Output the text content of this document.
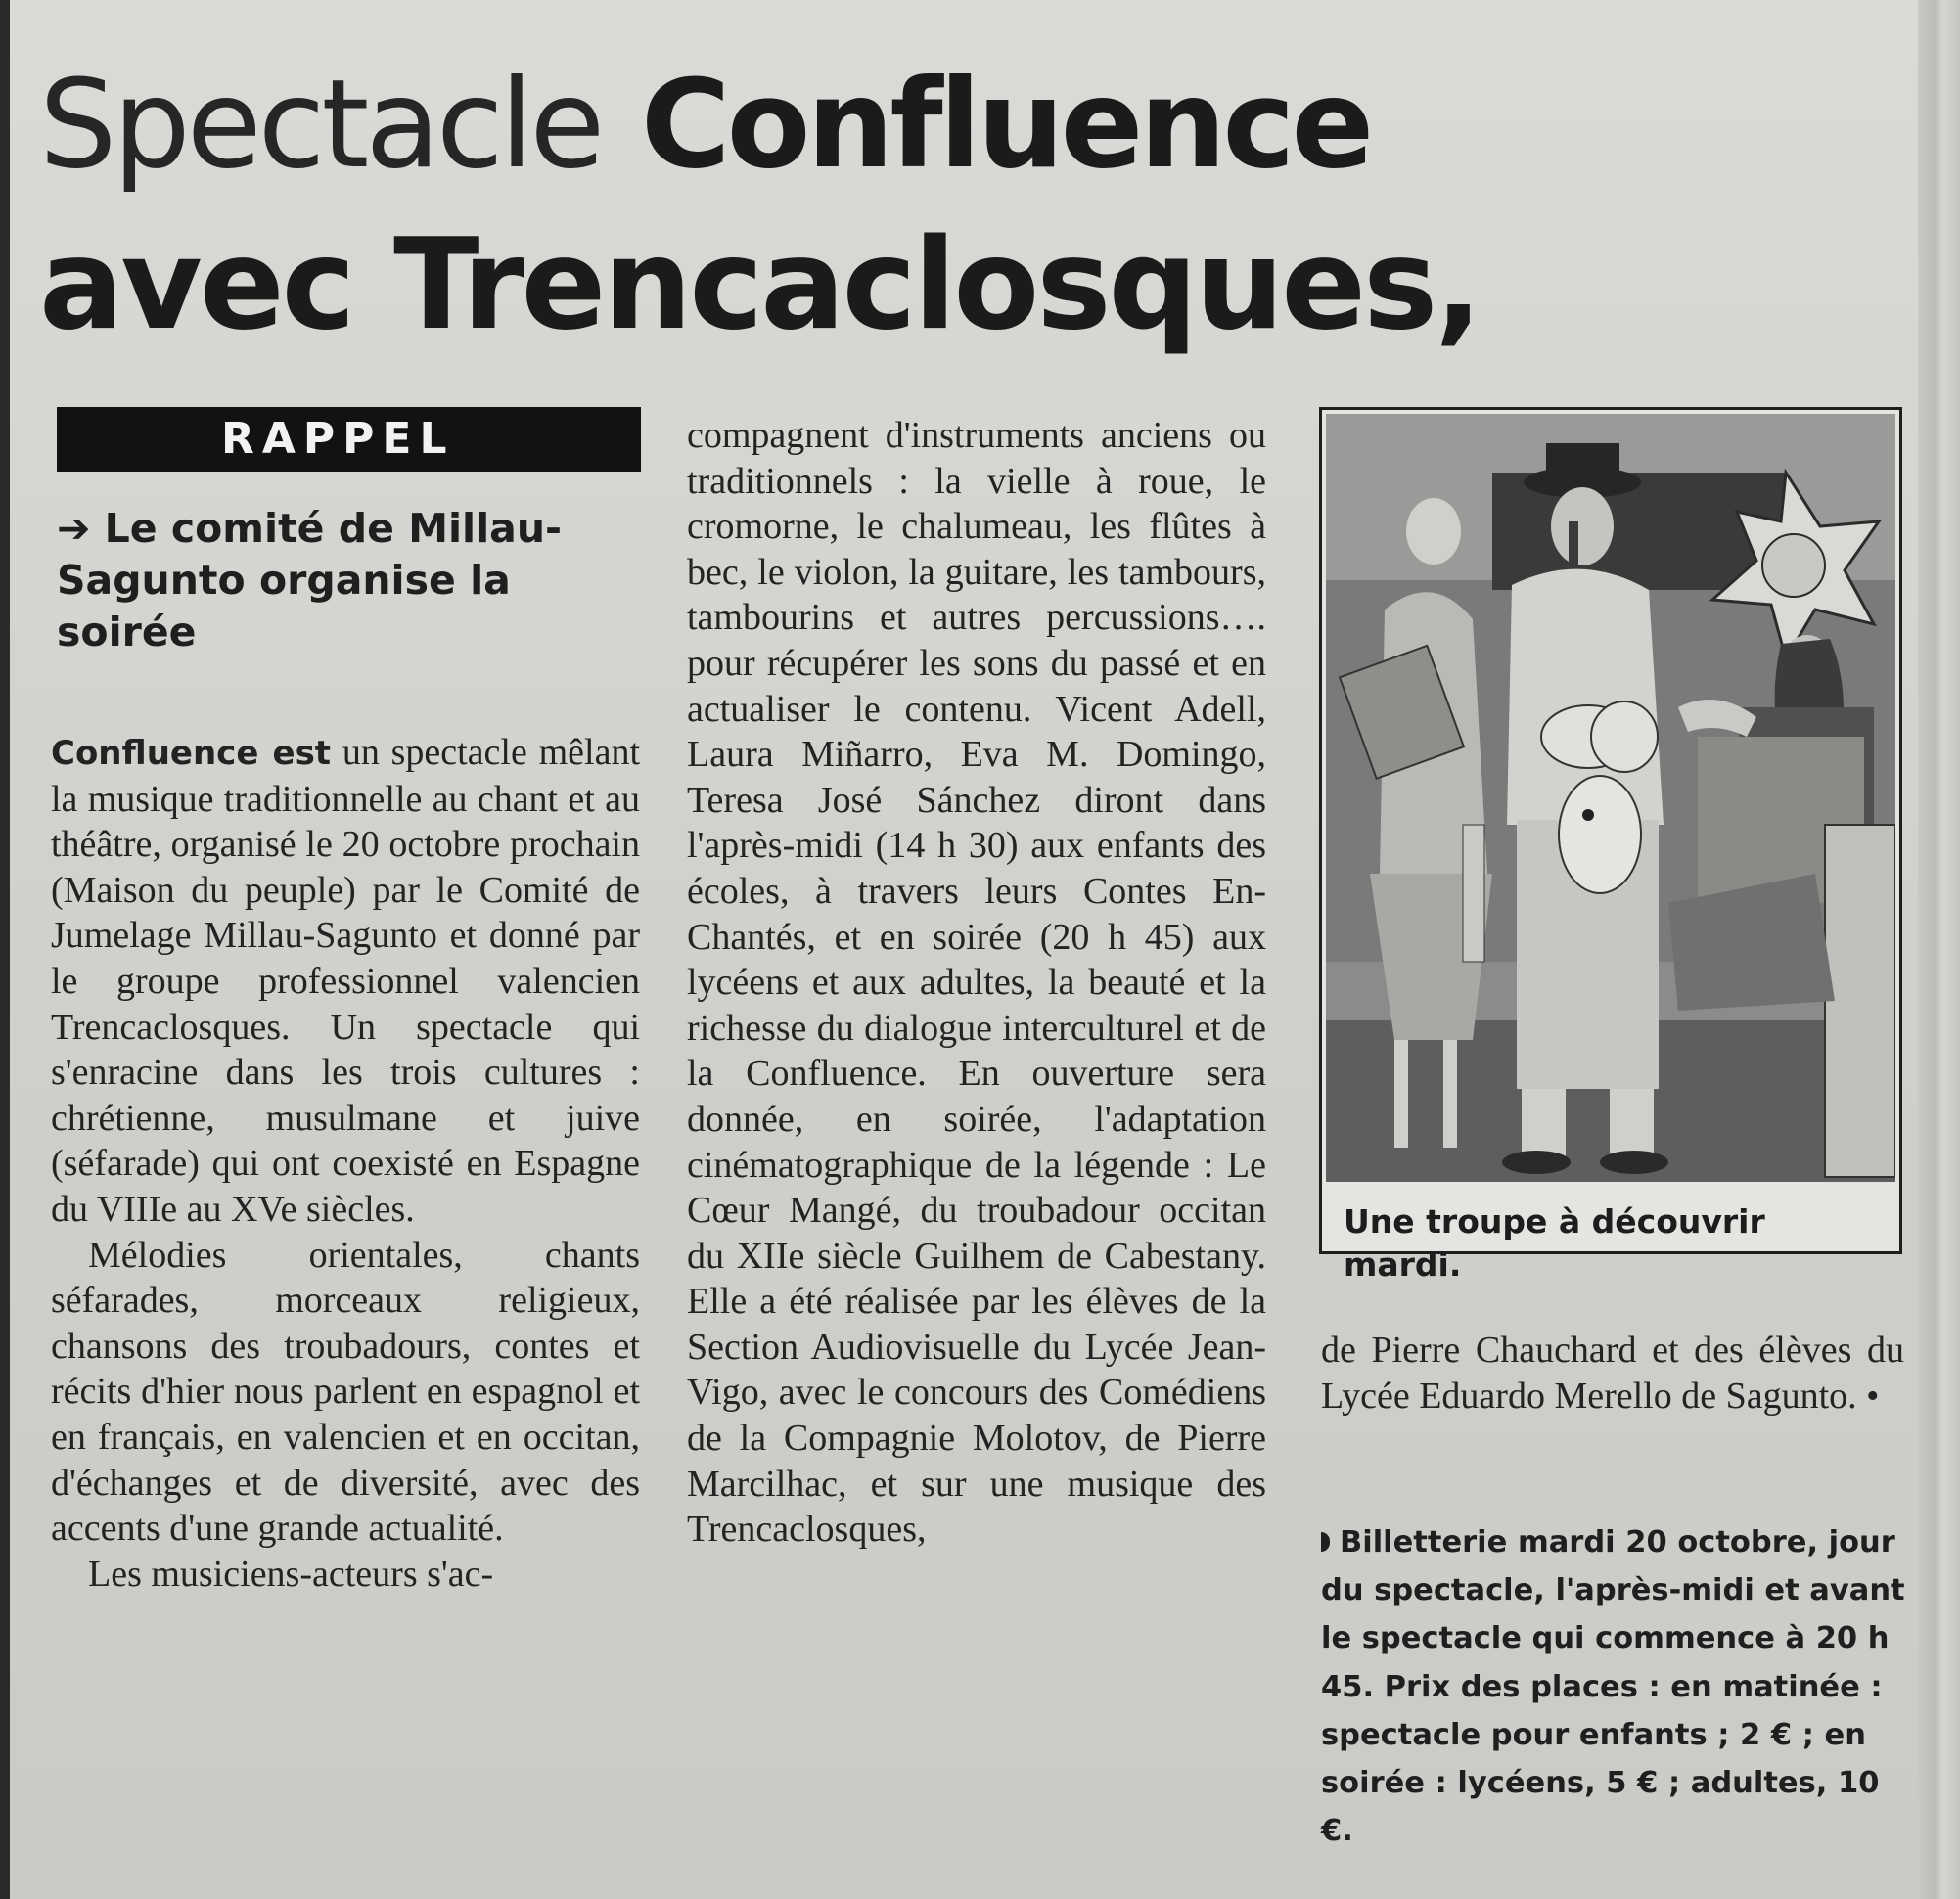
Spectacle Confluence
avec Trencaclosques,
RAPPEL
➔ Le comité de Millau-Sagunto organise la soirée

Confluence est un spectacle mêlant la musique traditionnelle au chant et au théâtre, organisé le 20 octobre prochain (Maison du peuple) par le Comité de Jumelage Millau-Sagunto et donné par le groupe professionnel valencien Trencaclosques. Un spectacle qui s'enracine dans les trois cultures : chrétienne, musulmane et juive (séfarade) qui ont coexisté en Espagne du VIIIe au XVe siècles.

Mélodies orientales, chants séfarades, morceaux religieux, chansons des troubadours, contes et récits d'hier nous parlent en espagnol et en français, en valencien et en occitan, d'échanges et de diversité, avec des accents d'une grande actualité.

Les musiciens-acteurs s'ac-

compagnent d'instruments anciens ou traditionnels : la vielle à roue, le cromorne, le chalumeau, les flûtes à bec, le violon, la guitare, les tambours, tambourins et autres percussions…. pour récupérer les sons du passé et en actualiser le contenu. Vicent Adell, Laura Miñarro, Eva M. Domingo, Teresa José Sánchez diront dans l'après-midi (14 h 30) aux enfants des écoles, à travers leurs Contes En-Chantés, et en soirée (20 h 45) aux lycéens et aux adultes, la beauté et la richesse du dialogue interculturel et de la Confluence. En ouverture sera donnée, en soirée, l'adaptation cinématographique de la légende : Le Cœur Mangé, du troubadour occitan du XIIe siècle Guilhem de Cabestany. Elle a été réalisée par les élèves de la Section Audiovisuelle du Lycée Jean-Vigo, avec le concours des Comédiens de la Compagnie Molotov, de Pierre Marcilhac, et sur une musique des Trencaclosques,

Une troupe à découvrir mardi.

de Pierre Chauchard et des élèves du Lycée Eduardo Merello de Sagunto. •

Billetterie mardi 20 octobre, jour du spectacle, l'après-midi et avant le spectacle qui commence à 20 h 45. Prix des places : en matinée : spectacle pour enfants ; 2 € ; en soirée : lycéens, 5 € ; adultes, 10 €.
